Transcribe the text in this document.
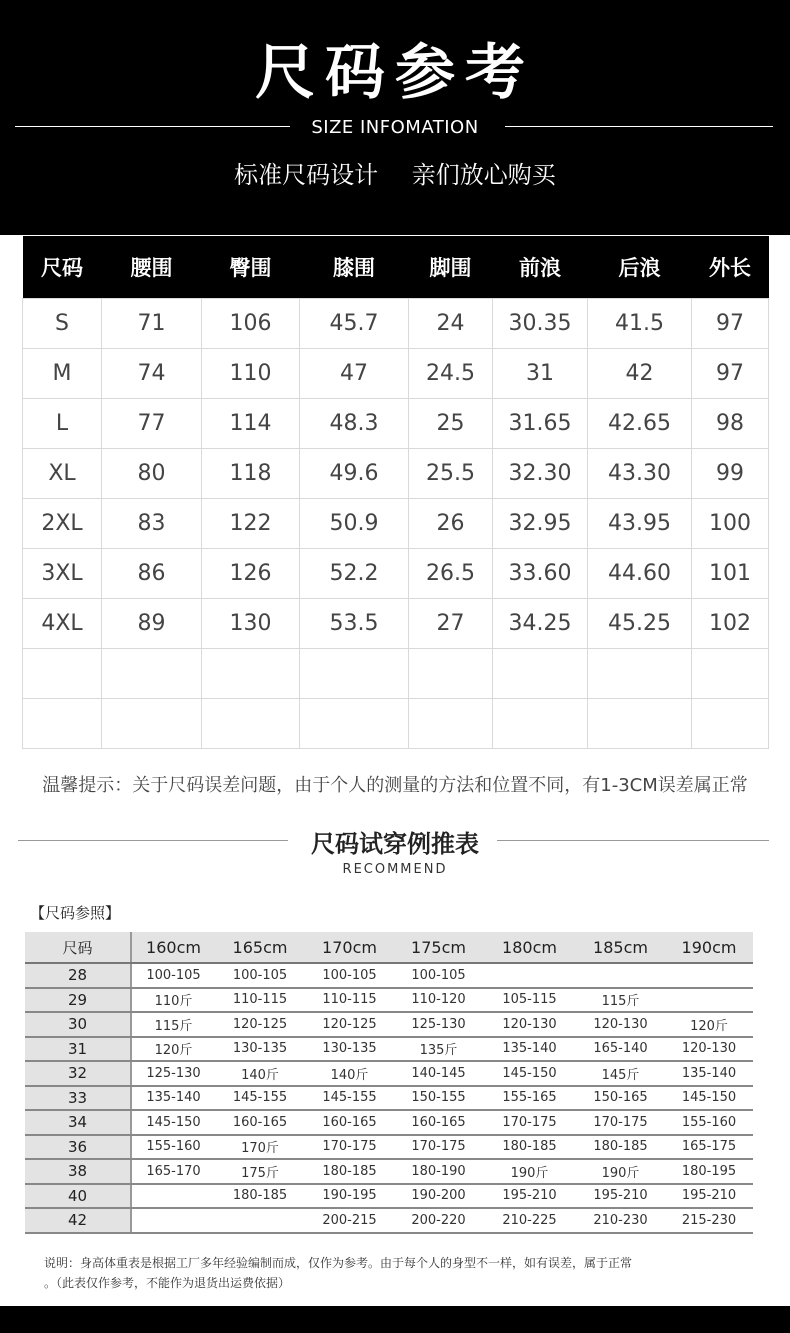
尺码参考
SIZE INFOMATION
标准尺码设计 亲们放心购买
尺码	腰围	臀围	膝围	脚围	前浪	后浪	外长
S	71	106	45.7	24	30.35	41.5	97
M	74	110	47	24.5	31	42	97
L	77	114	48.3	25	31.65	42.65	98
XL	80	118	49.6	25.5	32.30	43.30	99
2XL	83	122	50.9	26	32.95	43.95	100
3XL	86	126	52.2	26.5	33.60	44.60	101
4XL	89	130	53.5	27	34.25	45.25	102

温馨提示：关于尺码误差问题，由于个人的测量的方法和位置不同，有1-3CM误差属正常
尺码试穿例推表
RECOMMEND
【尺码参照】
尺码	160cm	165cm	170cm	175cm	180cm	185cm	190cm
28	100-105	100-105	100-105	100-105			
29	110斤	110-115	110-115	110-120	105-115	115斤	
30	115斤	120-125	120-125	125-130	120-130	120-130	120斤
31	120斤	130-135	130-135	135斤	135-140	165-140	120-130
32	125-130	140斤	140斤	140-145	145-150	145斤	135-140
33	135-140	145-155	145-155	150-155	155-165	150-165	145-150
34	145-150	160-165	160-165	160-165	170-175	170-175	155-160
36	155-160	170斤	170-175	170-175	180-185	180-185	165-175
38	165-170	175斤	180-185	180-190	190斤	190斤	180-195
40		180-185	190-195	190-200	195-210	195-210	195-210
42			200-215	200-220	210-225	210-230	215-230
说明：身高体重表是根据工厂多年经验编制而成，仅作为参考。由于每个人的身型不一样，如有误差，属于正常
。（此表仅作参考，不能作为退货出运费依据）
